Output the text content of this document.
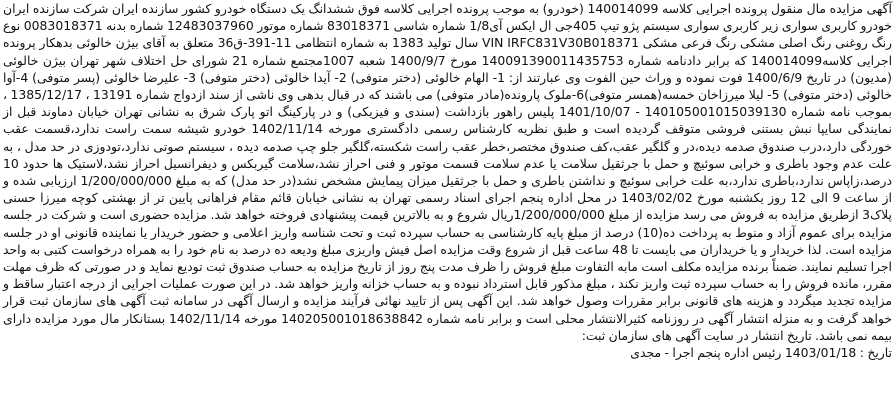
آگهی مزایده مال منقول پرونده اجرایی کلاسه 140014099 (خودرو) به موجب پرونده اجرایی کلاسه فوق ششدانگ یک دستگاه خودرو کشور سازنده ایران شرکت سازنده ایران خودرو کاربری سواری زیر کاربری سواری سیستم پژو تیپ 405جی ال ایکس آی1/8 شماره شاسی 83018371 شماره موتور 12483037960 شماره بدنه 0083018371 نوع رنگ روغنی رنگ اصلی مشکی رنگ فرعی مشکی VIN IRFC831V30B018371 سال تولید 1383 به شماره انتظامی 11-391-ق36 متعلق به آقای بیژن خالوئی بدهکار پرونده اجرایی کلاسه140014099 که برابر دادنامه شماره 140091390011435753 مورخ 1400/9/7 شعبه 1007مجتمع شماره 21 شورای حل اختلاف شهر تهران بیژن خالوئی (مدیون) در تاریخ 1400/6/9 فوت نموده و وراث حین الفوت وی عبارتند از: 1- الهام خالوئی (دختر متوفی) 2- آیدا خالوئی (دختر متوفی) 3- علیرضا خالوئی (پسر متوفی) 4-آوا خالوئی (دختر متوفی) 5- لیلا میرزاخان خمسه(همسر متوفی)6-ملوک پارونده(مادر متوفی) می باشند که در قبال بدهی وی ناشی از سند ازدواج شماره 13191 ، 1385/12/17 ، بموجب نامه شماره 140105001015039130 - 1401/10/07 پلیس راهور بازداشت (سندی و فیزیکی) و در پارکینگ اتو پارک شرق به نشانی تهران خیابان دماوند قبل از نمایندگی سایپا نبش بستنی فروشی متوقف گردیده است و طبق نظریه کارشناس رسمی دادگستری مورخه 1402/11/14 خودرو شیشه سمت راست ندارد،قسمت عقب خوردگی دارد،درب صندوق صدمه دیده،در و گلگیر عقب،کف صندوق مختصر،خطر عقب راست شکسته،گلگیر جلو چپ صدمه دیده ، سیستم صوتی ندارد،تودوزی در حد مدل ، به علت عدم وجود باطری و خرابی سوئیچ و حمل با جرثقیل سلامت یا عدم سلامت قسمت موتور و فنی احراز نشد،سلامت گیربکس و دیفرانسیل احراز نشد،لاستیک ها حدود 10 درصد،زاپاس ندارد،باطری ندارد،به علت خرابی سوئیچ و نداشتن باطری و حمل با جرثقیل میزان پیمایش مشخص نشد(در حد مدل) که به مبلغ 1/200/000/000 ارزیابی شده و از ساعت 9 الی 12 روز یکشنبه مورخ 1403/02/02 در محل اداره پنجم اجرای اسناد رسمی تهران به نشانی خیابان قائم مقام فراهانی پایین تر از بهشتی کوچه میرزا حسنی پلاک3 ازطریق مزایده به فروش می رسد مزایده از مبلغ 1/200/000/000ریال شروع و به بالاترین قیمت پیشنهادی فروخته خواهد شد. مزایده حضوری است و شرکت در جلسه مزایده برای عموم آزاد و منوط به پرداخت ده(10) درصد از مبلغ پایه کارشناسی به حساب سپرده ثبت و تحت شناسه واریز اعلامی و حضور خریدار یا نماینده قانونی او در جلسه مزایده است. لذا خریدار و یا خریداران می بایست تا 48 ساعت قبل از شروع وقت مزایده اصل فیش واریزی مبلغ ودیعه ده درصد به نام خود را به همراه درخواست کتبی به واحد اجرا تسلیم نمایند. ضمناً برنده مزایده مکلف است مابه التفاوت مبلغ فروش را ظرف مدت پنج روز از تاریخ مزایده به حساب صندوق ثبت تودیع نماید و در صورتی که ظرف مهلت مقرر، مانده فروش را به حساب سپرده ثبت واریز نکند ، مبلغ مذکور قابل استرداد نبوده و به حساب خزانه واریز خواهد شد. در این صورت عملیات اجرایی از درجه اعتبار ساقط و مزایده تجدید میگردد و هزینه های قانونی برابر مقررات وصول خواهد شد. این آگهی پس از تایید نهائی فرآیند مزایده و ارسال آگهی در سامانه ثبت آگهی های سازمان ثبت قرار خواهد گرفت و به منزله انتشار آگهی در روزنامه کثیرالانتشار محلی است و برابر نامه شماره 140205001018638842 مورخه 1402/11/14 بستانکار مال مورد مزایده دارای بیمه نمی باشد. تاریخ انتشار در سایت آگهی های سازمان ثبت:

تاریخ : 1403/01/18 رئیس اداره پنجم اجرا - مجدی
